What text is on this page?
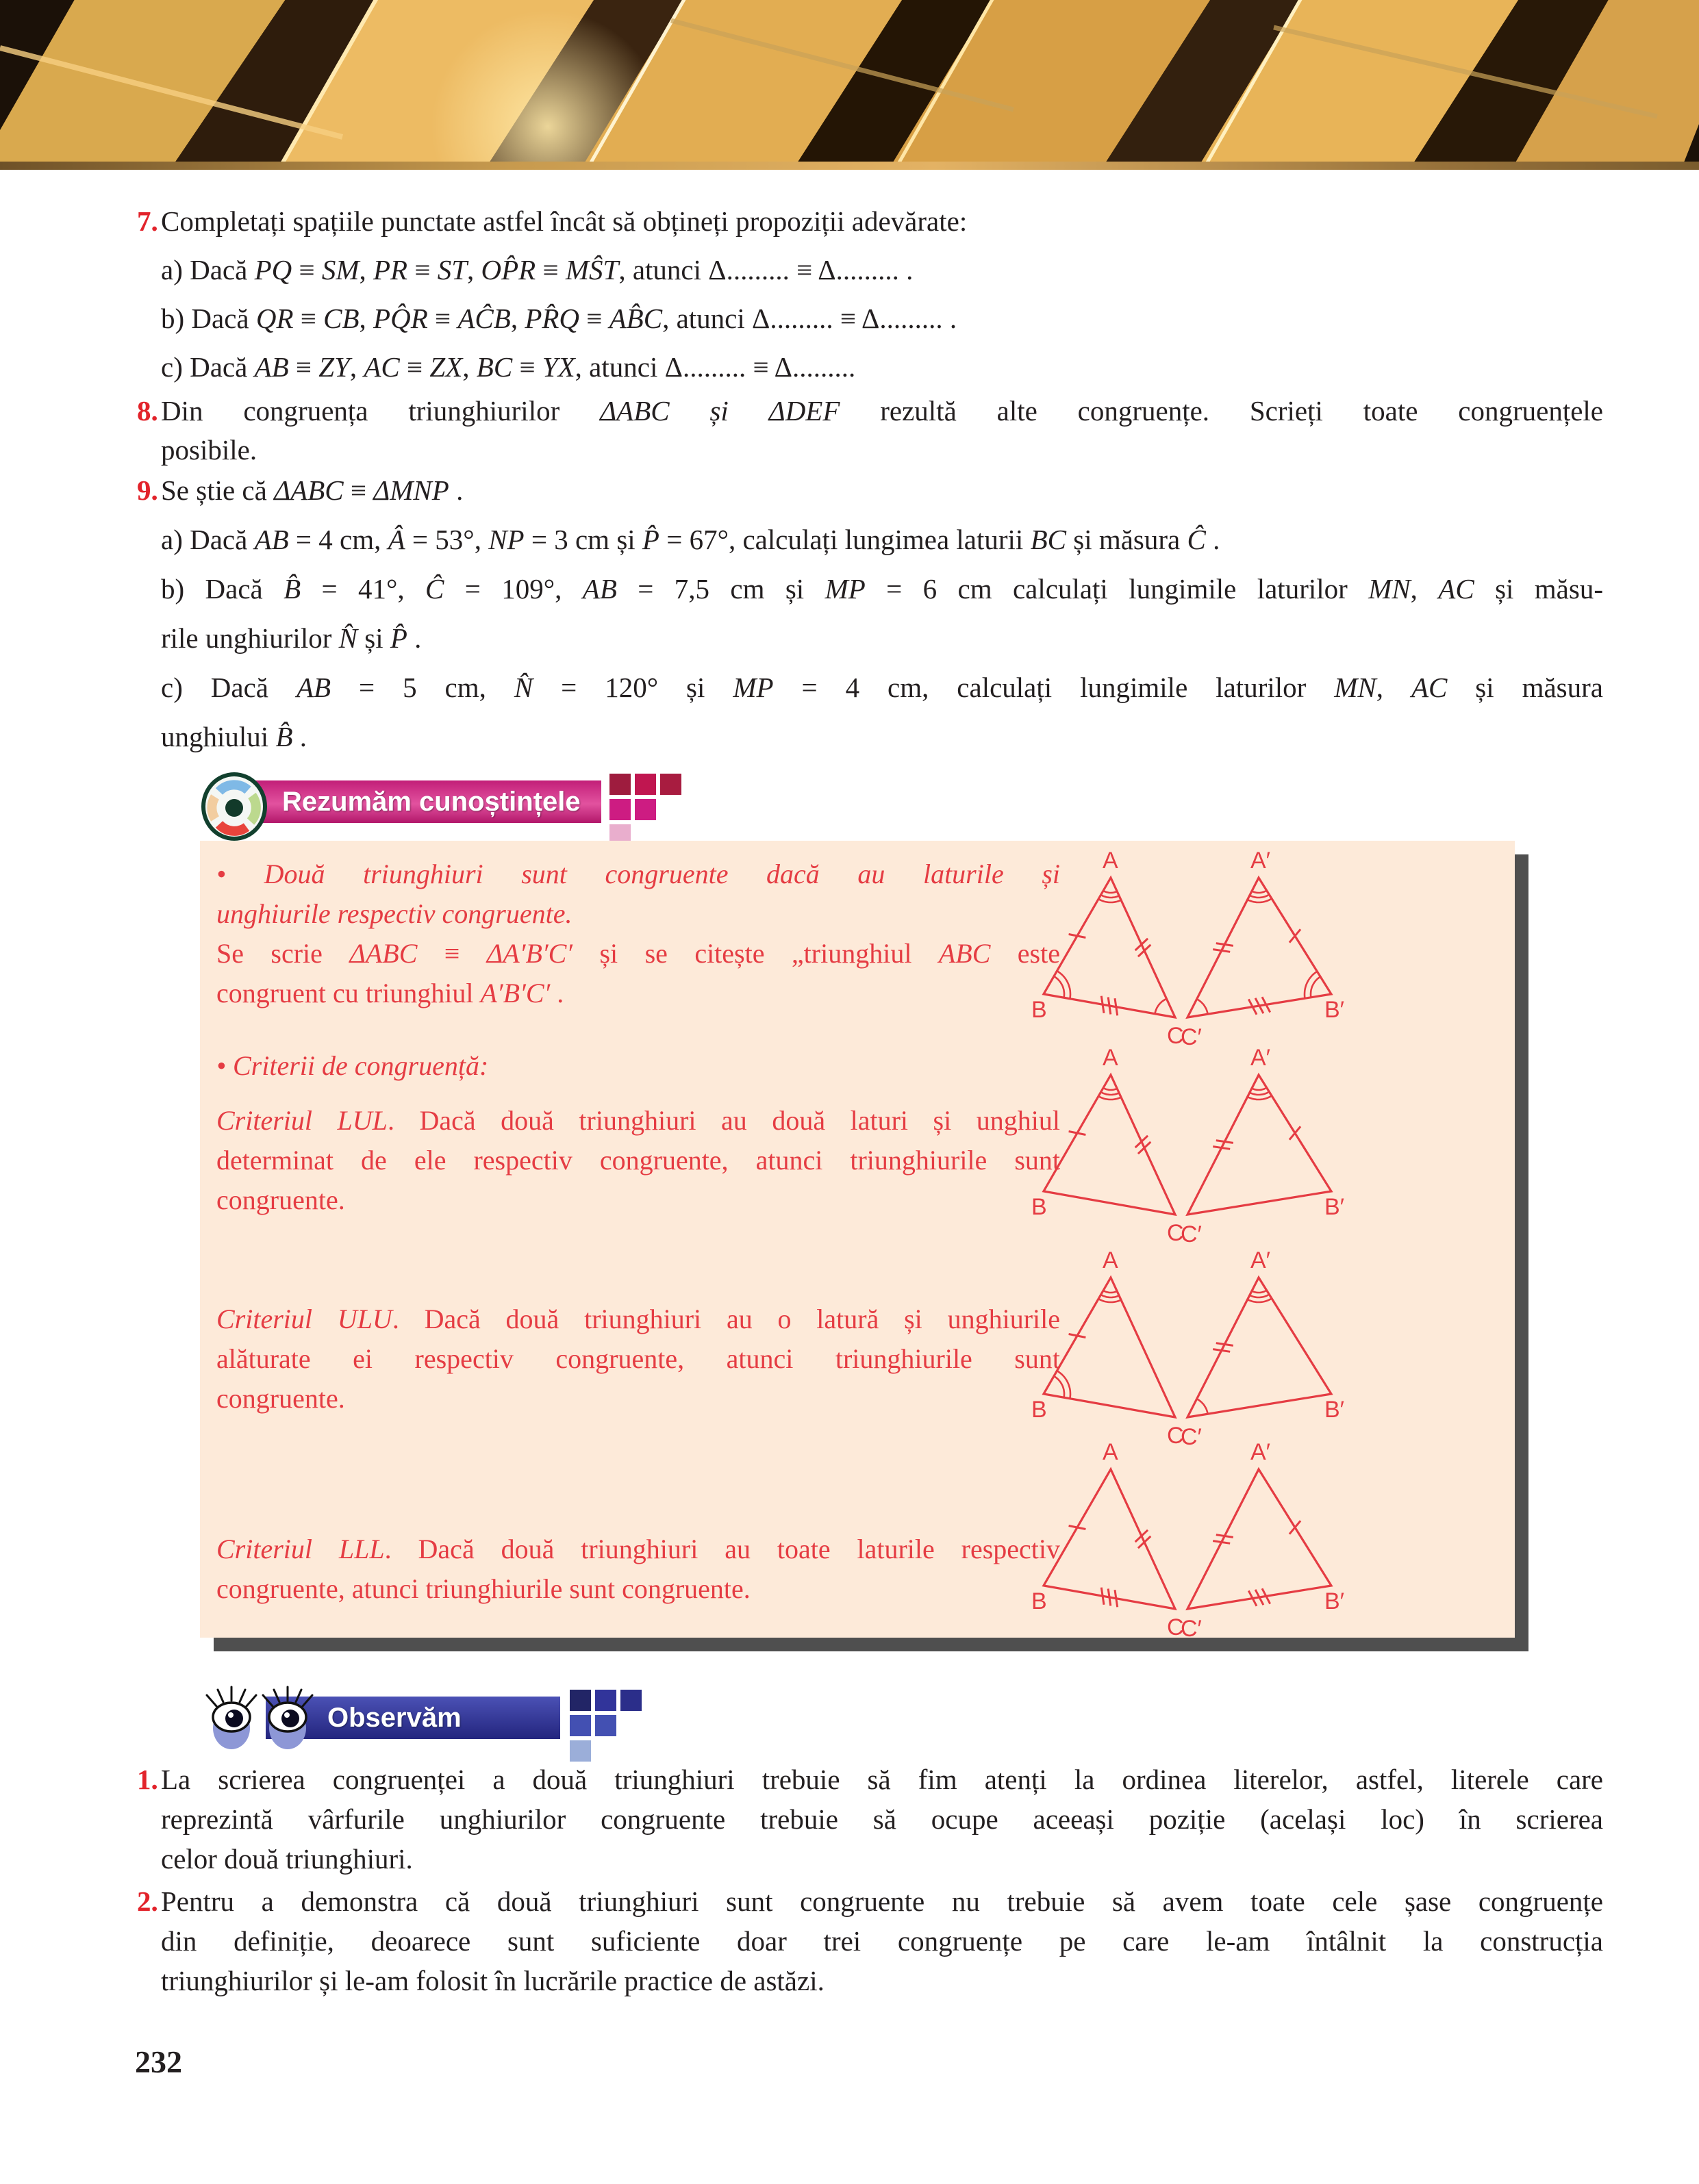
7. Completați spațiile punctate astfel încât să obțineți propoziții adevărate:
a) Dacă PQ ≡ SM, PR ≡ ST, OP̂R ≡ MŜT, atunci Δ......... ≡ Δ......... .
b) Dacă QR ≡ CB, PQ̂R ≡ AĈB, PR̂Q ≡ AB̂C, atunci Δ......... ≡ Δ......... .
c) Dacă AB ≡ ZY, AC ≡ ZX, BC ≡ YX, atunci Δ......... ≡ Δ.........
8. Din congruența triunghiurilor ΔABC și ΔDEF rezultă alte congruențe. Scrieți toate congruențele
posibile.
9. Se știe că ΔABC ≡ ΔMNP .
a) Dacă AB = 4 cm, Â = 53°, NP = 3 cm și P̂ = 67°, calculați lungimea laturii BC și măsura Ĉ .
b) Dacă B̂ = 41°, Ĉ = 109°, AB = 7,5 cm și MP = 6 cm calculați lungimile laturilor MN, AC și măsu-
rile unghiurilor N̂ și P̂ .
c) Dacă AB = 5 cm, N̂ = 120° și MP = 4 cm, calculați lungimile laturilor MN, AC și măsura
unghiului B̂ .
Rezumăm cunoștințele
• Două triunghiuri sunt congruente dacă au laturile și
unghiurile respectiv congruente.
Se scrie ΔABC ≡ ΔA′B′C′ și se citește „triunghiul ABC este
congruent cu triunghiul A′B′C′ .
• Criterii de congruență:
Criteriul LUL. Dacă două triunghiuri au două laturi și unghiul
determinat de ele respectiv congruente, atunci triunghiurile sunt
congruente.
Criteriul ULU. Dacă două triunghiuri au o latură și unghiurile
alăturate ei respectiv congruente, atunci triunghiurile sunt
congruente.
Criteriul LLL. Dacă două triunghiuri au toate laturile respectiv
congruente, atunci triunghiurile sunt congruente.
A
B
C
A′
C′
B′
A
B
C
A′
C′
B′
A
B
C
A′
C′
B′
A
B
C
A′
C′
B′
Observăm
1. La scrierea congruenței a două triunghiuri trebuie să fim atenți la ordinea literelor, astfel, literele care
reprezintă vârfurile unghiurilor congruente trebuie să ocupe aceeași poziție (același loc) în scrierea
celor două triunghiuri.
2. Pentru a demonstra că două triunghiuri sunt congruente nu trebuie să avem toate cele șase congruențe
din definiție, deoarece sunt suficiente doar trei congruențe pe care le-am întâlnit la construcția
triunghiurilor și le-am folosit în lucrările practice de astăzi.
232
